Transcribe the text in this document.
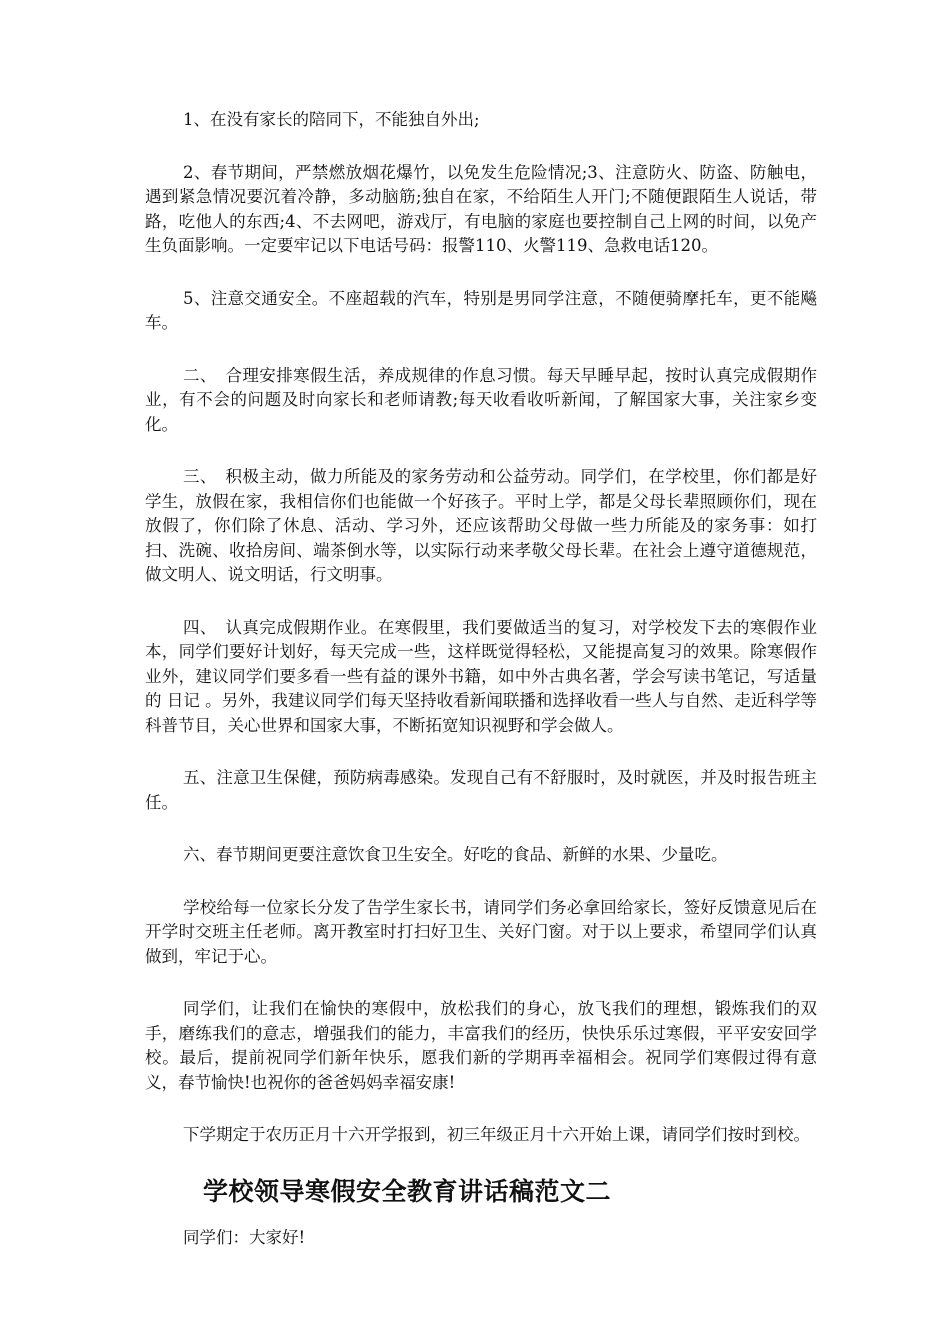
1、在没有家长的陪同下，不能独自外出;

2、春节期间，严禁燃放烟花爆竹，以免发生危险情况;3、注意防火、防盗、防触电，遇到紧急情况要沉着冷静，多动脑筋;独自在家，不给陌生人开门;不随便跟陌生人说话，带路，吃他人的东西;4、不去网吧，游戏厅，有电脑的家庭也要控制自己上网的时间，以免产生负面影响。一定要牢记以下电话号码：报警110、火警119、急救电话120。

5、注意交通安全。不座超载的汽车，特别是男同学注意，不随便骑摩托车，更不能飚车。

二、　合理安排寒假生活，养成规律的作息习惯。每天早睡早起，按时认真完成假期作业，有不会的问题及时向家长和老师请教;每天收看收听新闻，了解国家大事，关注家乡变化。

三、　积极主动，做力所能及的家务劳动和公益劳动。同学们，在学校里，你们都是好学生，放假在家，我相信你们也能做一个好孩子。平时上学，都是父母长辈照顾你们，现在放假了，你们除了休息、活动、学习外，还应该帮助父母做一些力所能及的家务事：如打扫、洗碗、收拾房间、端茶倒水等，以实际行动来孝敬父母长辈。在社会上遵守道德规范，做文明人、说文明话，行文明事。

四、　认真完成假期作业。在寒假里，我们要做适当的复习，对学校发下去的寒假作业本，同学们要好计划好，每天完成一些，这样既觉得轻松，又能提高复习的效果。除寒假作业外，建议同学们要多看一些有益的课外书籍，如中外古典名著，学会写读书笔记，写适量的 日记 。另外，我建议同学们每天坚持收看新闻联播和选择收看一些人与自然、走近科学等科普节目，关心世界和国家大事，不断拓宽知识视野和学会做人。

五、注意卫生保健，预防病毒感染。发现自己有不舒服时，及时就医，并及时报告班主任。

六、春节期间更要注意饮食卫生安全。好吃的食品、新鲜的水果、少量吃。

学校给每一位家长分发了告学生家长书，请同学们务必拿回给家长，签好反馈意见后在开学时交班主任老师。离开教室时打扫好卫生、关好门窗。对于以上要求，希望同学们认真做到，牢记于心。

同学们，让我们在愉快的寒假中，放松我们的身心，放飞我们的理想，锻炼我们的双手，磨练我们的意志，增强我们的能力，丰富我们的经历，快快乐乐过寒假，平平安安回学校。最后，提前祝同学们新年快乐，愿我们新的学期再幸福相会。祝同学们寒假过得有意义，春节愉快!也祝你的爸爸妈妈幸福安康!

下学期定于农历正月十六开学报到，初三年级正月十六开始上课，请同学们按时到校。

学校领导寒假安全教育讲话稿范文二

同学们：大家好!
